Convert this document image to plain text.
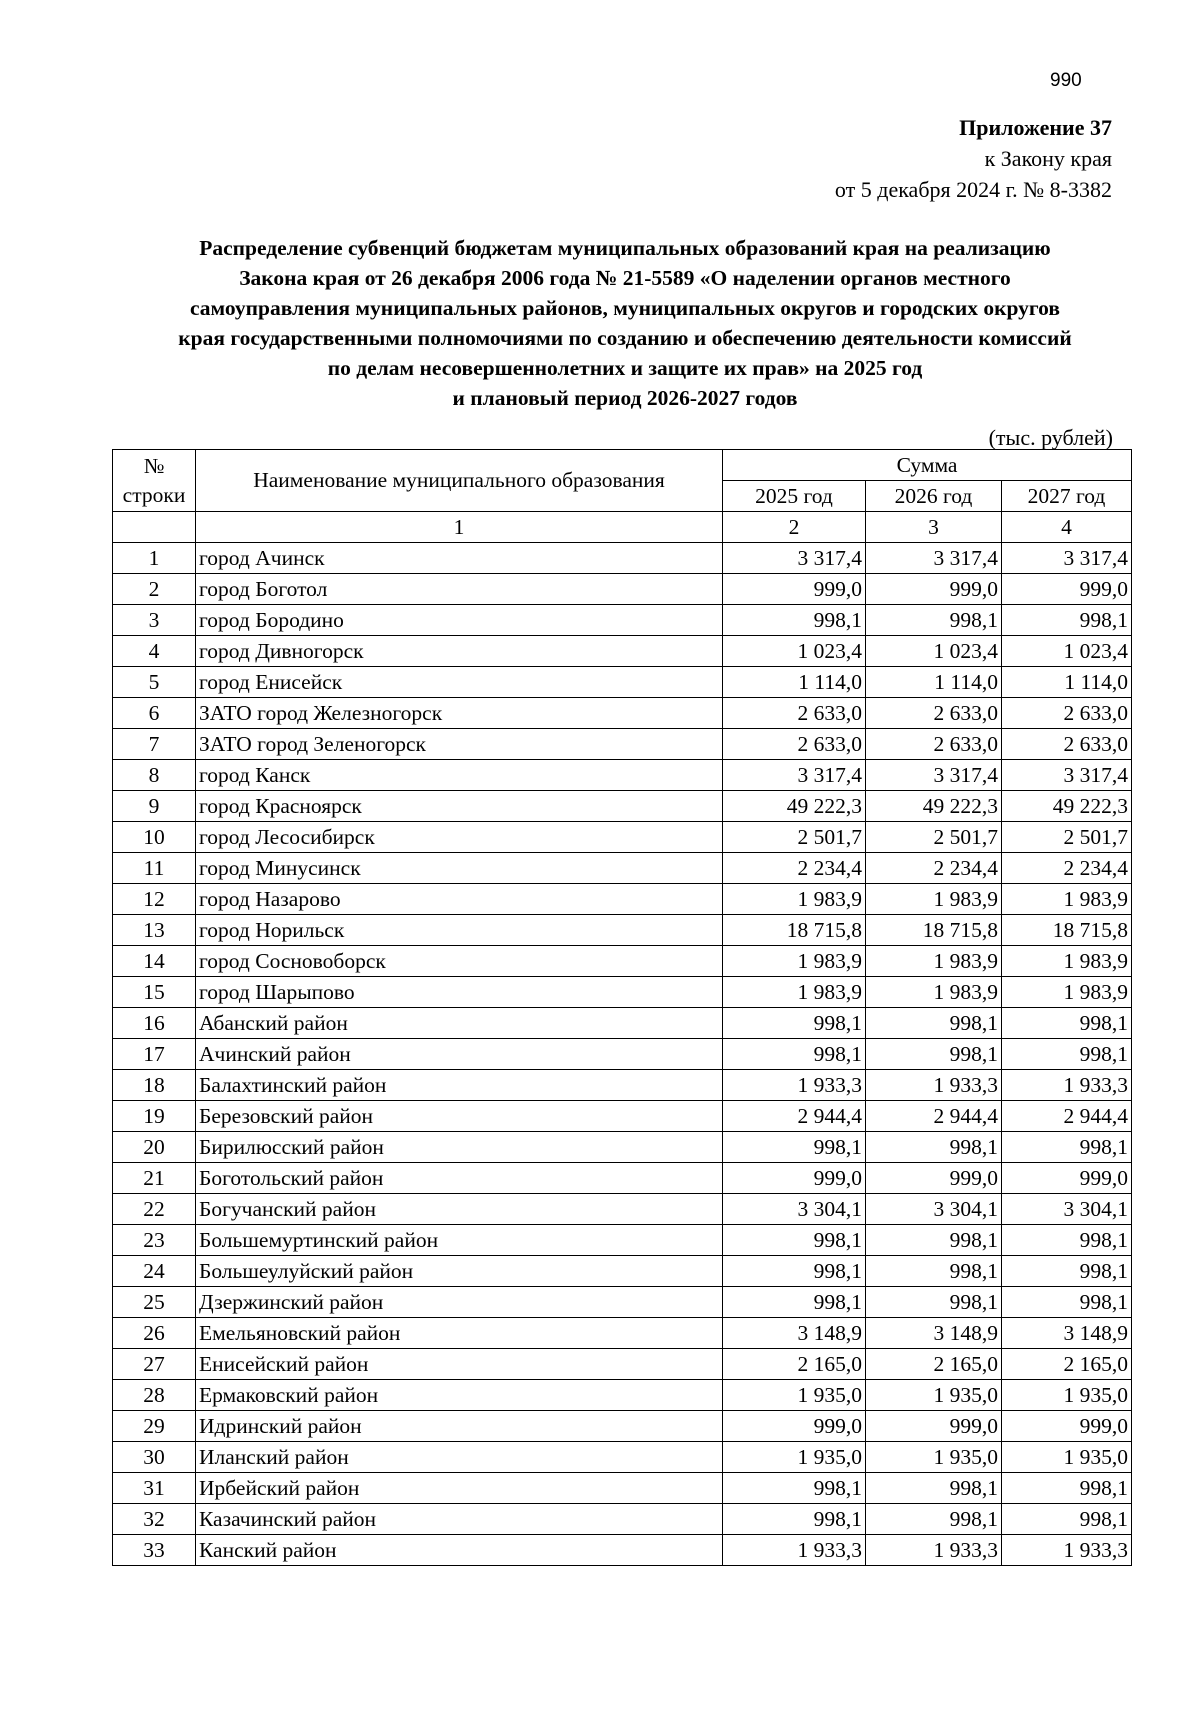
990
Приложение 37
к Закону края
от 5 декабря 2024 г. № 8-3382
Распределение субвенций бюджетам муниципальных образований края на реализацию
Закона края от 26 декабря 2006 года № 21-5589 «О наделении органов местного
самоуправления муниципальных районов, муниципальных округов и городских округов
края государственными полномочиями по созданию и обеспечению деятельности комиссий
по делам несовершеннолетних и защите их прав» на 2025 год
и плановый период 2026-2027 годов
(тыс. рублей)
№
строки	Наименование муниципального образования	Сумма		
		2025 год	2026 год	2027 год
	1	2	3	4
1	город Ачинск	3 317,4	3 317,4	3 317,4
2	город Боготол	999,0	999,0	999,0
3	город Бородино	998,1	998,1	998,1
4	город Дивногорск	1 023,4	1 023,4	1 023,4
5	город Енисейск	1 114,0	1 114,0	1 114,0
6	ЗАТО город Железногорск	2 633,0	2 633,0	2 633,0
7	ЗАТО город Зеленогорск	2 633,0	2 633,0	2 633,0
8	город Канск	3 317,4	3 317,4	3 317,4
9	город Красноярск	49 222,3	49 222,3	49 222,3
10	город Лесосибирск	2 501,7	2 501,7	2 501,7
11	город Минусинск	2 234,4	2 234,4	2 234,4
12	город Назарово	1 983,9	1 983,9	1 983,9
13	город Норильск	18 715,8	18 715,8	18 715,8
14	город Сосновоборск	1 983,9	1 983,9	1 983,9
15	город Шарыпово	1 983,9	1 983,9	1 983,9
16	Абанский район	998,1	998,1	998,1
17	Ачинский район	998,1	998,1	998,1
18	Балахтинский район	1 933,3	1 933,3	1 933,3
19	Березовский район	2 944,4	2 944,4	2 944,4
20	Бирилюсский район	998,1	998,1	998,1
21	Боготольский район	999,0	999,0	999,0
22	Богучанский район	3 304,1	3 304,1	3 304,1
23	Большемуртинский район	998,1	998,1	998,1
24	Большеулуйский район	998,1	998,1	998,1
25	Дзержинский район	998,1	998,1	998,1
26	Емельяновский район	3 148,9	3 148,9	3 148,9
27	Енисейский район	2 165,0	2 165,0	2 165,0
28	Ермаковский район	1 935,0	1 935,0	1 935,0
29	Идринский район	999,0	999,0	999,0
30	Иланский район	1 935,0	1 935,0	1 935,0
31	Ирбейский район	998,1	998,1	998,1
32	Казачинский район	998,1	998,1	998,1
33	Канский район	1 933,3	1 933,3	1 933,3
